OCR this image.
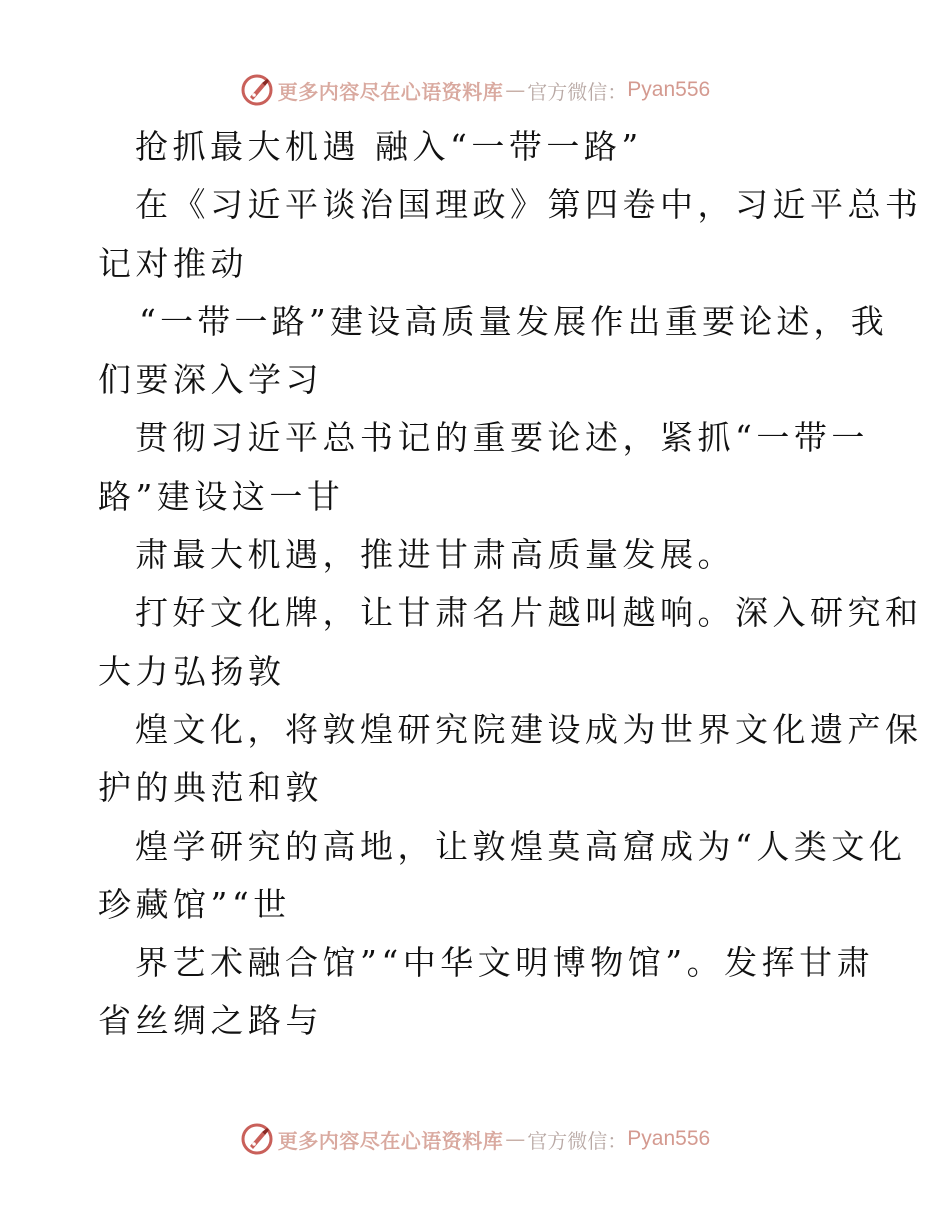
更多内容尽在心语资料库 — 官方微信： Pyan556
抢抓最大机遇 融入“一带一路”
在《习近平谈治国理政》第四卷中，习近平总书
记对推动
“一带一路”建设高质量发展作出重要论述，我
们要深入学习
贯彻习近平总书记的重要论述，紧抓“一带一
路”建设这一甘
肃最大机遇，推进甘肃高质量发展。
打好文化牌，让甘肃名片越叫越响。深入研究和
大力弘扬敦
煌文化，将敦煌研究院建设成为世界文化遗产保
护的典范和敦
煌学研究的高地，让敦煌莫高窟成为“人类文化
珍藏馆”“世
界艺术融合馆”“中华文明博物馆”。发挥甘肃
省丝绸之路与
更多内容尽在心语资料库 — 官方微信： Pyan556
